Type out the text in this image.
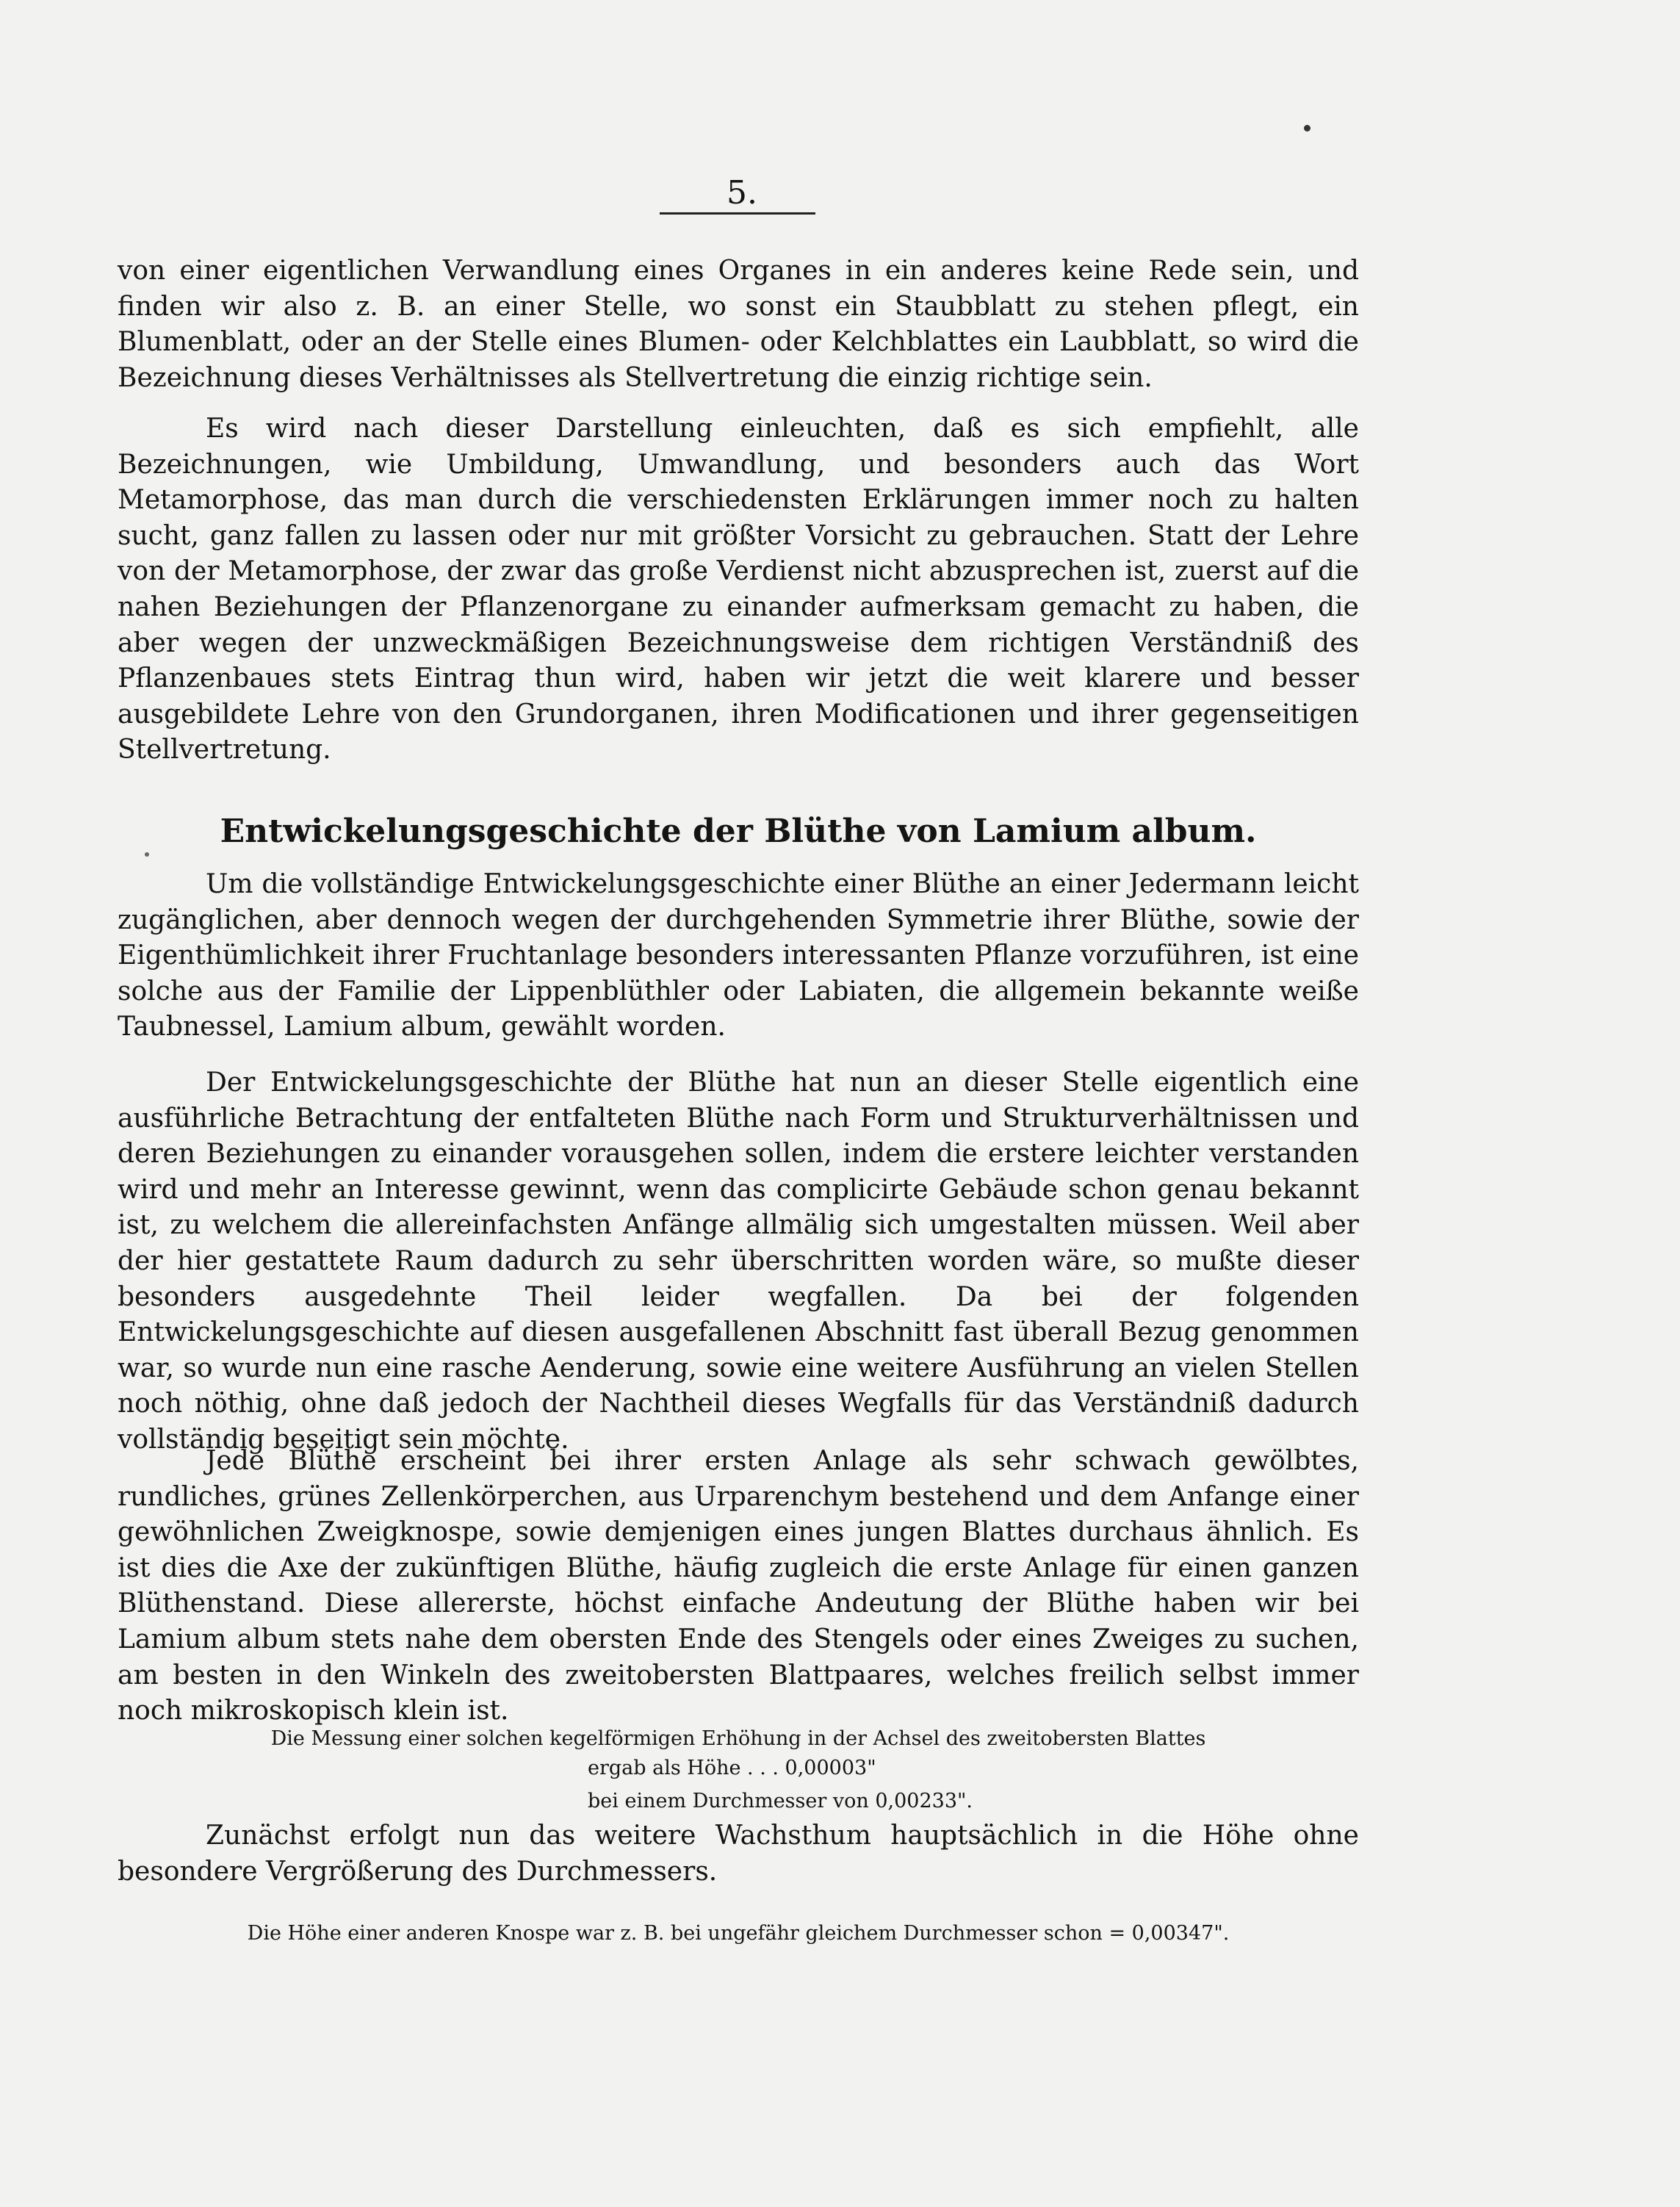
5.

von einer eigentlichen Verwandlung eines Organes in ein anderes keine Rede sein, und finden wir also z. B. an einer Stelle, wo sonst ein Staubblatt zu stehen pflegt, ein Blumenblatt, oder an der Stelle eines Blumen- oder Kelchblattes ein Laubblatt, so wird die Bezeichnung dieses Verhältnisses als Stellvertretung die einzig richtige sein.

Es wird nach dieser Darstellung einleuchten, daß es sich empfiehlt, alle Bezeichnungen, wie Umbildung, Umwandlung, und besonders auch das Wort Metamorphose, das man durch die verschiedensten Erklärungen immer noch zu halten sucht, ganz fallen zu lassen oder nur mit größter Vorsicht zu gebrauchen. Statt der Lehre von der Metamorphose, der zwar das große Verdienst nicht abzusprechen ist, zuerst auf die nahen Beziehungen der Pflanzenorgane zu einander aufmerksam gemacht zu haben, die aber wegen der unzweckmäßigen Bezeichnungsweise dem richtigen Verständniß des Pflanzenbaues stets Eintrag thun wird, haben wir jetzt die weit klarere und besser ausgebildete Lehre von den Grundorganen, ihren Modificationen und ihrer gegenseitigen Stellvertretung.

Entwickelungsgeschichte der Blüthe von Lamium album.

Um die vollständige Entwickelungsgeschichte einer Blüthe an einer Jedermann leicht zugänglichen, aber dennoch wegen der durchgehenden Symmetrie ihrer Blüthe, sowie der Eigenthümlichkeit ihrer Fruchtanlage besonders interessanten Pflanze vorzuführen, ist eine solche aus der Familie der Lippenblüthler oder Labiaten, die allgemein bekannte weiße Taubnessel, Lamium album, gewählt worden.

Der Entwickelungsgeschichte der Blüthe hat nun an dieser Stelle eigentlich eine ausführliche Betrachtung der entfalteten Blüthe nach Form und Strukturverhältnissen und deren Beziehungen zu einander vorausgehen sollen, indem die erstere leichter verstanden wird und mehr an Interesse gewinnt, wenn das complicirte Gebäude schon genau bekannt ist, zu welchem die allereinfachsten Anfänge allmälig sich umgestalten müssen. Weil aber der hier gestattete Raum dadurch zu sehr überschritten worden wäre, so mußte dieser besonders ausgedehnte Theil leider wegfallen. Da bei der folgenden Entwickelungsgeschichte auf diesen ausgefallenen Abschnitt fast überall Bezug genommen war, so wurde nun eine rasche Aenderung, sowie eine weitere Ausführung an vielen Stellen noch nöthig, ohne daß jedoch der Nachtheil dieses Wegfalls für das Verständniß dadurch vollständig beseitigt sein möchte.

Jede Blüthe erscheint bei ihrer ersten Anlage als sehr schwach gewölbtes, rundliches, grünes Zellenkörperchen, aus Urparenchym bestehend und dem Anfange einer gewöhnlichen Zweigknospe, sowie demjenigen eines jungen Blattes durchaus ähnlich. Es ist dies die Axe der zukünftigen Blüthe, häufig zugleich die erste Anlage für einen ganzen Blüthenstand. Diese allererste, höchst einfache Andeutung der Blüthe haben wir bei Lamium album stets nahe dem obersten Ende des Stengels oder eines Zweiges zu suchen, am besten in den Winkeln des zweitobersten Blattpaares, welches freilich selbst immer noch mikroskopisch klein ist.

Die Messung einer solchen kegelförmigen Erhöhung in der Achsel des zweitobersten Blattes
ergab als Höhe . . . 0,00003"
bei einem Durchmesser von 0,00233".

Zunächst erfolgt nun das weitere Wachsthum hauptsächlich in die Höhe ohne besondere Vergrößerung des Durchmessers.

Die Höhe einer anderen Knospe war z. B. bei ungefähr gleichem Durchmesser schon = 0,00347".
